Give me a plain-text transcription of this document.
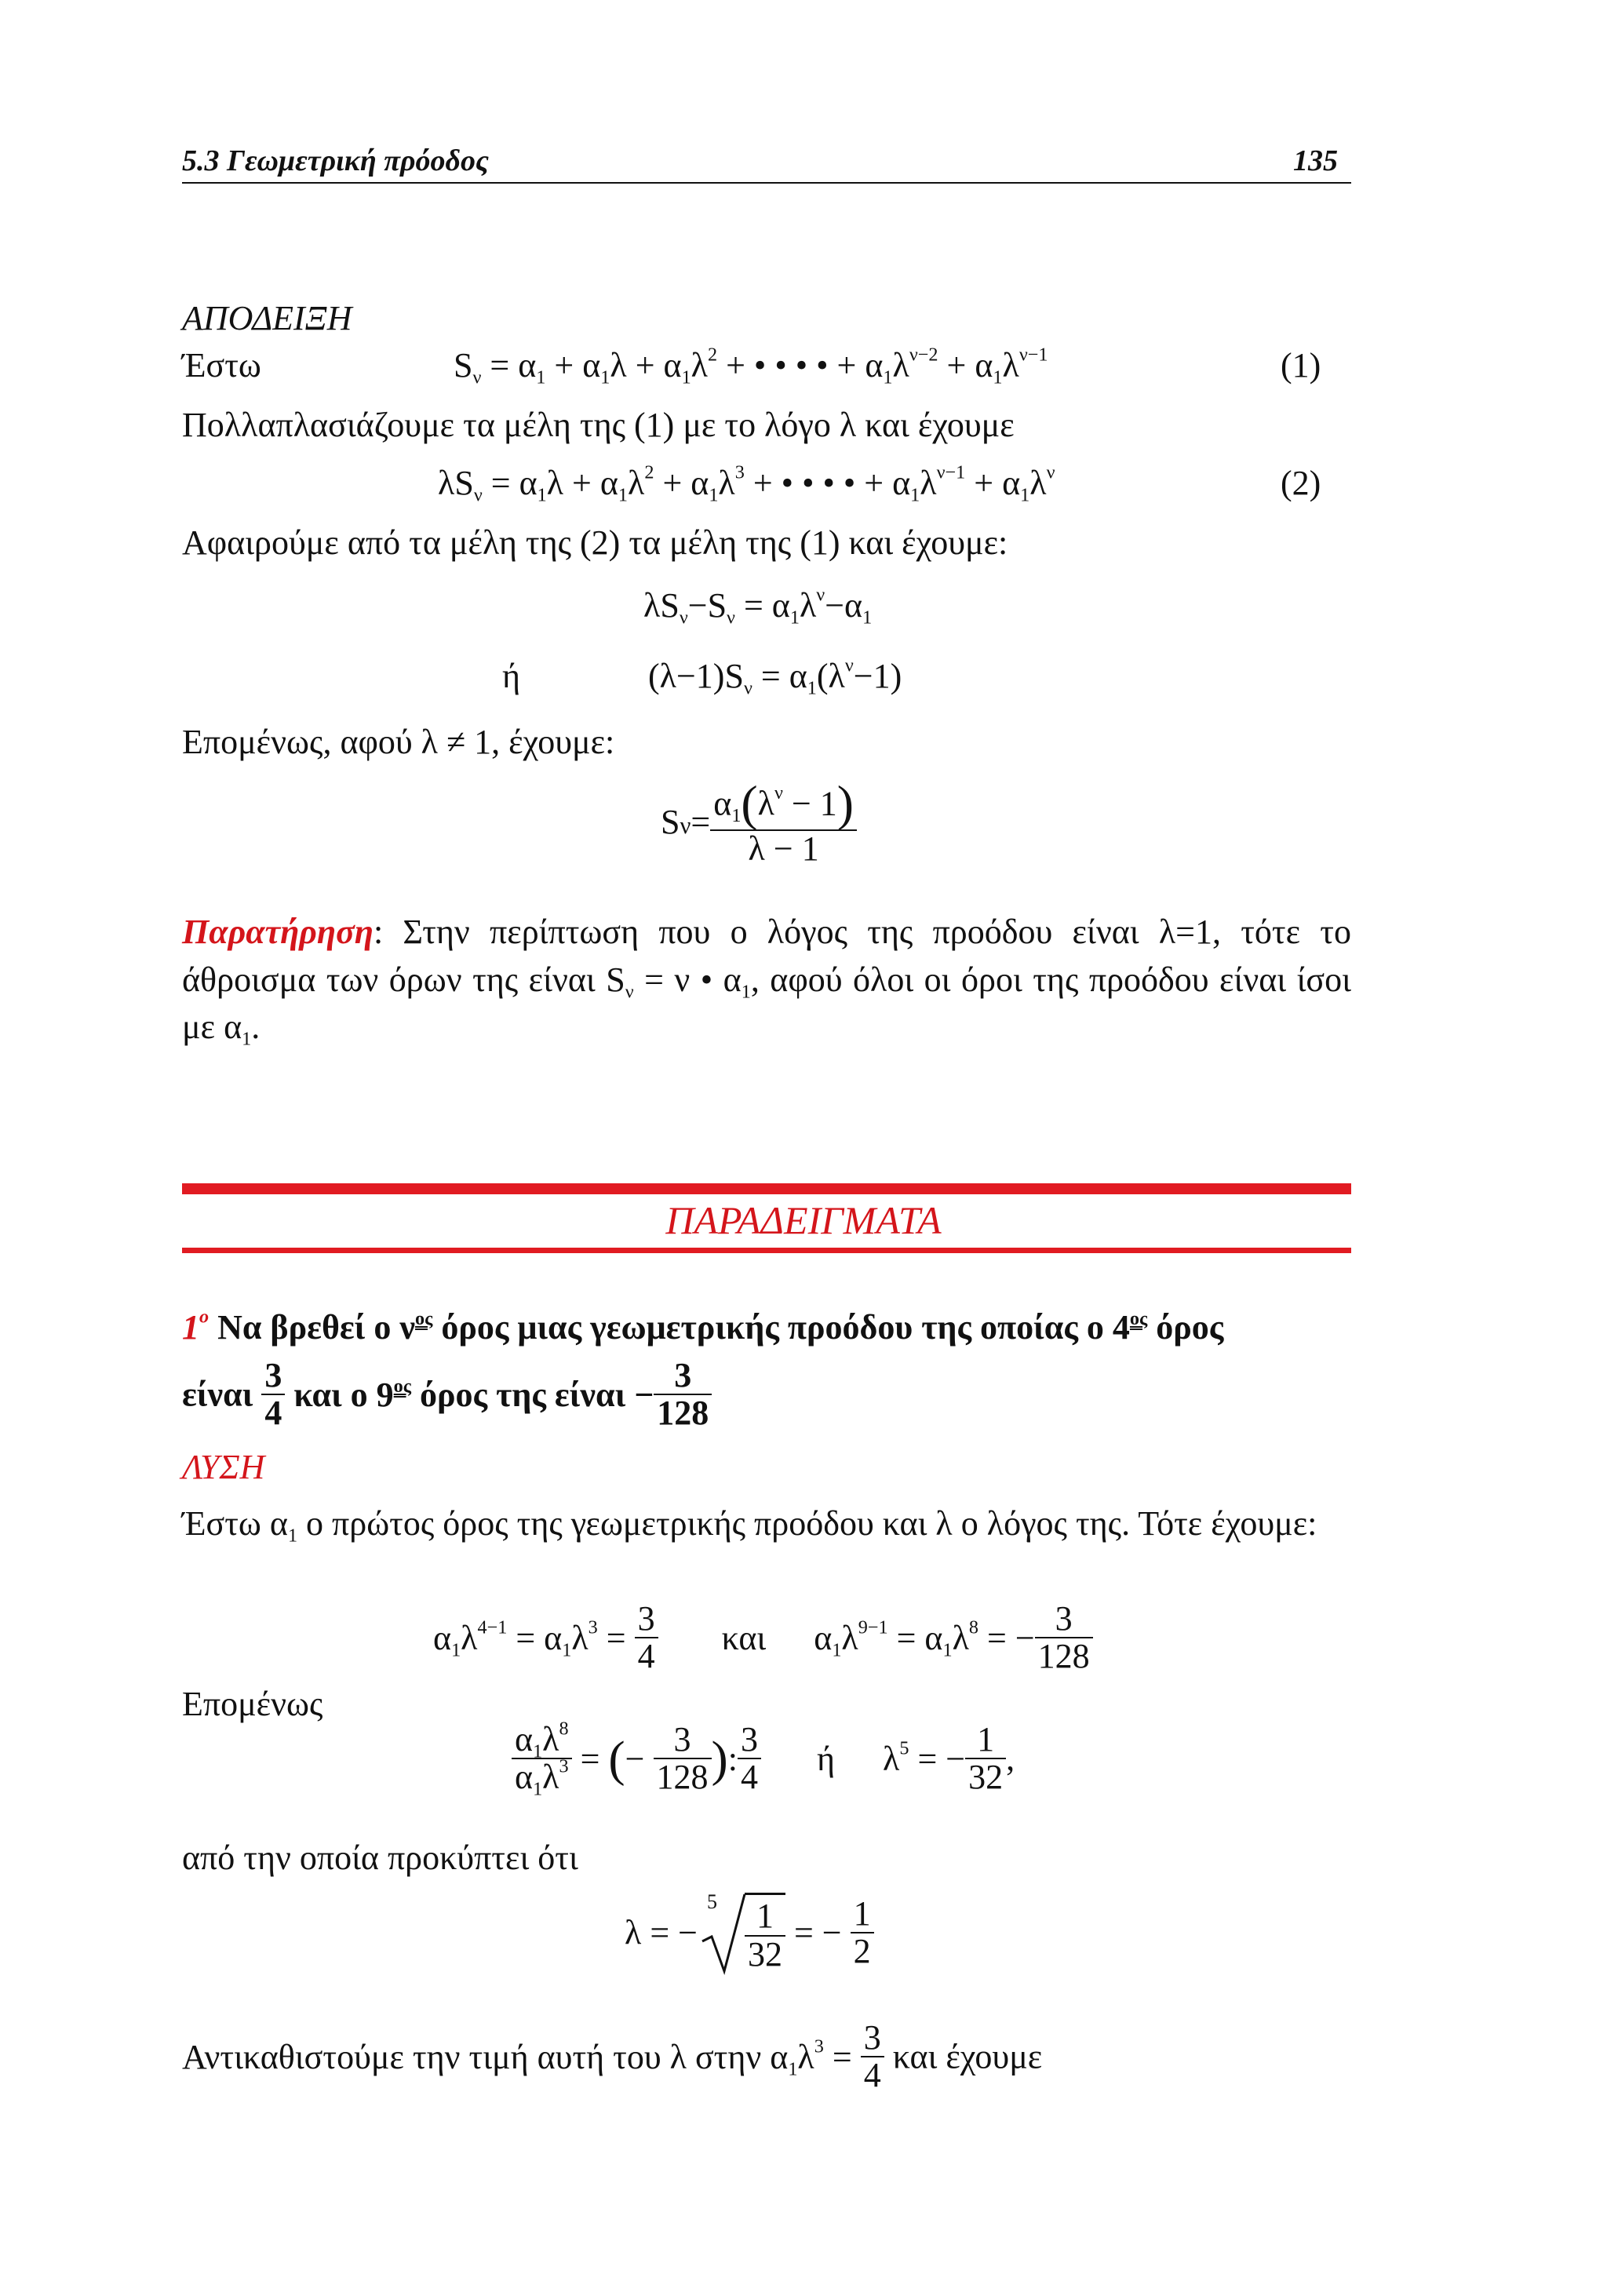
5.3 Γεωμετρική πρόοδος	135
ΑΠΟΔΕΙΞΗ
Έστω	$S_\nu = \alpha_1 + \alpha_1\lambda + \alpha_1\lambda^2$ + • • • • + $\alpha_1\lambda^{\nu-2} + \alpha_1\lambda^{\nu-1}$	(1)
Πολλαπλασιάζουμε τα μέλη της (1) με το λόγο λ και έχουμε
$\lambda S_\nu = \alpha_1\lambda + \alpha_1\lambda^2 + \alpha_1\lambda^3$ + • • • • + $\alpha_1\lambda^{\nu-1} + \alpha_1\lambda^\nu$	(2)
Αφαιρούμε από τα μέλη της (2) τα μέλη της (1) και έχουμε:
$\lambda S_\nu-S_\nu = \alpha_1\lambda^\nu-\alpha_1$
ή	$(\lambda-1)S_\nu = \alpha_1(\lambda^\nu-1)$
Επομένως, αφού λ ≠ 1, έχουμε:
$S\nu= \frac{\alpha_1(\lambda^\nu - 1)}{\lambda - 1}$
Παρατήρηση: Στην περίπτωση που ο λόγος της προόδου είναι λ=1, τότε το άθροισμα των όρων της είναι $S_\nu = \nu$ • $\alpha_1$, αφού όλοι οι όροι της προόδου είναι ίσοι με $\alpha_1$.
ΠΑΡΑΔΕΙΓΜΑΤΑ
$1^o$ Να βρεθεί ο $\nu^{o\varsigma}$ όρος μιας γεωμετρικής προόδου της οποίας ο $4^{o\varsigma}$ όρος
είναι $\frac{3}{4}$ και ο $9^{o\varsigma}$ όρος της $\varepsilon ί\nu\alpha\iota - \frac{3}{128}$
ΛΥΣΗ
Έστω $\alpha_1$ ο πρώτος όρος της γεωμετρικής προόδου και λ ο λόγος της. Τότε έχουμε:
$\alpha_1\lambda^{4-1} = \alpha_1\lambda^3 = \frac{3}{4}$ και $\alpha_1\lambda^{9-1} = \alpha_1\lambda^8$ = − $\frac{3}{128}$
Επομένως
$\frac{\alpha_1\lambda^8}{\alpha_1\lambda^3}$ = (− $\frac{3}{128}$ ): $\frac{3}{4}$ ή $\lambda^5$ = − $\frac{1}{32}$ ,
από την οποία προκύπτει ότι
λ = −
$5 \frac{1}{32}$ = − $\frac{1}{2}$
Αντικαθιστούμε την τιμή αυτή του λ στην $\alpha_1\lambda^3 = \frac{3}{4}$ και έχουμε
